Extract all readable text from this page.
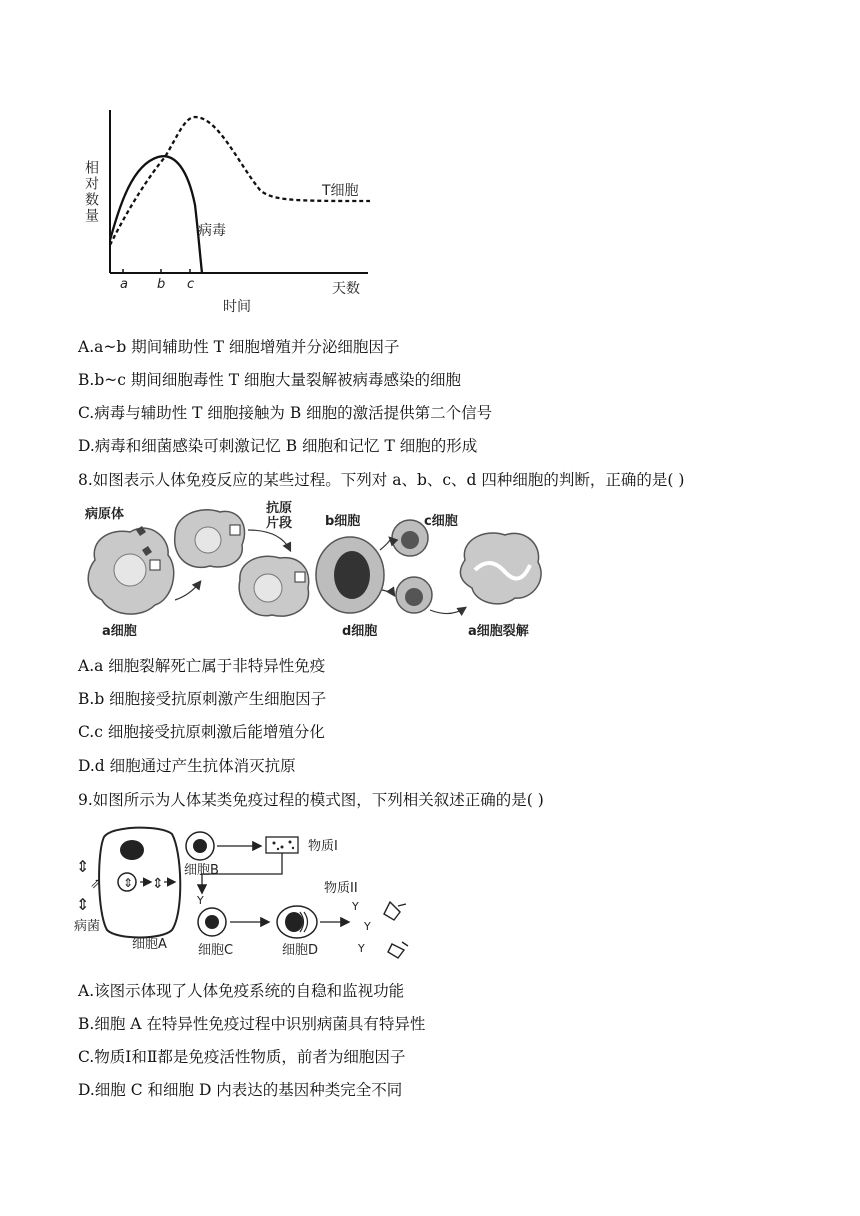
相对数量
a b c	天数
时间
T细胞
病毒
A.a~b 期间辅助性 T 细胞增殖并分泌细胞因子
B.b~c 期间细胞毒性 T 细胞大量裂解被病毒感染的细胞
C.病毒与辅助性 T 细胞接触为 B 细胞的激活提供第二个信号
D.病毒和细菌感染可刺激记忆 B 细胞和记忆 T 细胞的形成
8.如图表示人体免疫反应的某些过程。下列对 a、b、c、d 四种细胞的判断，正确的是( )
病原体
a细胞
抗原
片段	b细胞	c细胞
d细胞	a细胞裂解
A.a 细胞裂解死亡属于非特异性免疫
B.b 细胞接受抗原刺激产生细胞因子
C.c 细胞接受抗原刺激后能增殖分化
D.d 细胞通过产生抗体消灭抗原
9.如图所示为人体某类免疫过程的模式图，下列相关叙述正确的是( )
⇕
细胞A
病菌
⇕
⇗
⇕
⇕
细胞B
物质Ⅰ
Y
细胞C	细胞D
物质ⅠⅠ
Y
Y
Y
A.该图示体现了人体免疫系统的自稳和监视功能
B.细胞 A 在特异性免疫过程中识别病菌具有特异性
C.物质Ⅰ和Ⅱ都是免疫活性物质，前者为细胞因子
D.细胞 C 和细胞 D 内表达的基因种类完全不同
